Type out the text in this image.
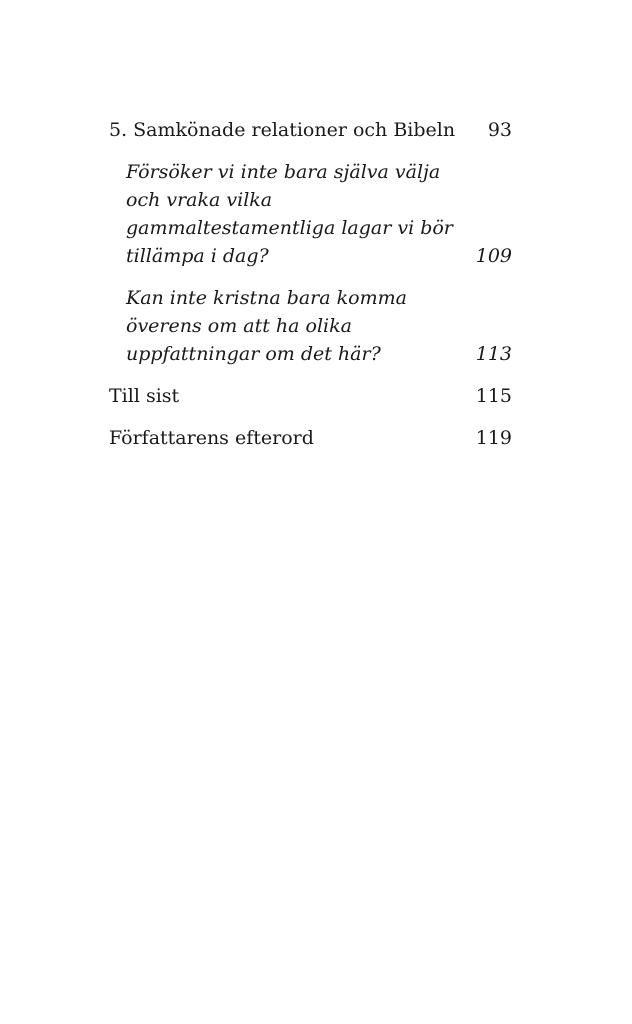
5. Samkönade relationer och Bibeln	93
Försöker vi inte bara själva välja och vraka vilka gammaltestamentliga lagar vi bör tillämpa i dag?	109
Kan inte kristna bara komma överens om att ha olika uppfattningar om det här?	113
Till sist	115
Författarens efterord	119
